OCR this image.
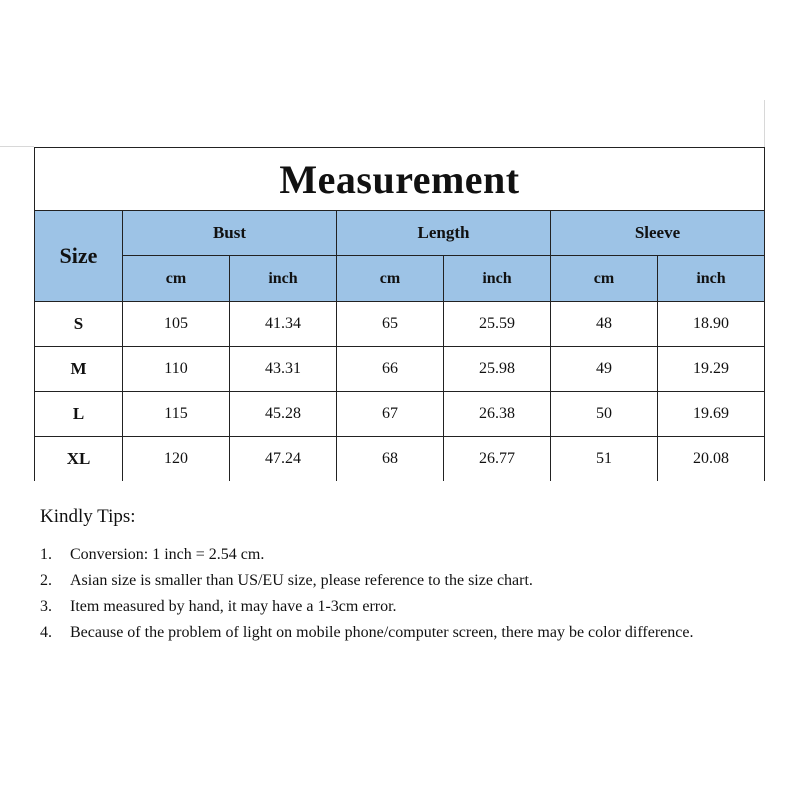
Measurement						
Size	Bust		Length		Sleeve	
	cm	inch	cm	inch	cm	inch
S	105	41.34	65	25.59	48	18.90
M	110	43.31	66	25.98	49	19.29
L	115	45.28	67	26.38	50	19.69
XL	120	47.24	68	26.77	51	20.08
Kindly Tips:
1.	Conversion: 1 inch = 2.54 cm.
2.	Asian size is smaller than US/EU size, please reference to the size chart.
3.	Item measured by hand, it may have a 1-3cm error.
4.	Because of the problem of light on mobile phone/computer screen, there may be color difference.
